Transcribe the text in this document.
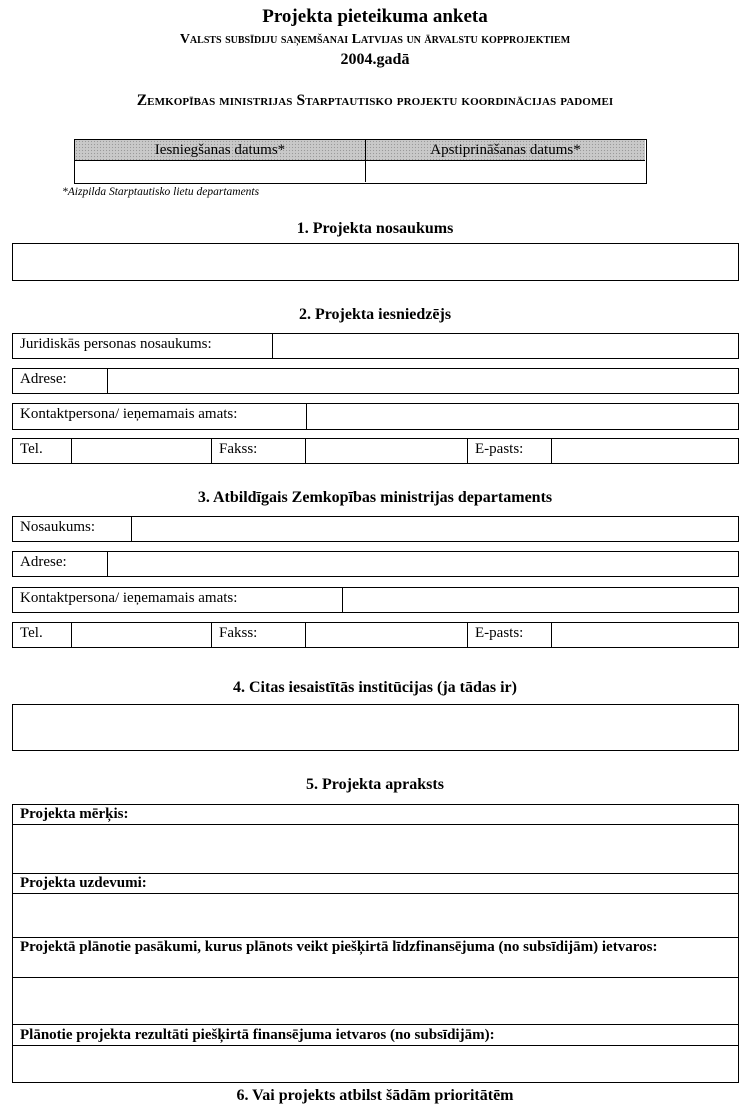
Projekta pieteikuma anketa
Valsts subsīdiju saņemšanai Latvijas un ārvalstu kopprojektiem
2004.gadā
Zemkopības ministrijas Starptautisko projektu koordinācijas padomei
Iesniegšanas datums*	Apstiprināšanas datums*
*Aizpilda Starptautisko lietu departaments
1. Projekta nosaukums
2. Projekta iesniedzējs
Juridiskās personas nosaukums:
Adrese:
Kontaktpersona/ ieņemamais amats:
Tel.	Fakss:	E-pasts:
3. Atbildīgais Zemkopības ministrijas departaments
Nosaukums:
Adrese:
Kontaktpersona/ ieņemamais amats:
Tel.	Fakss:	E-pasts:
4. Citas iesaistītās institūcijas (ja tādas ir)
5. Projekta apraksts
Projekta mērķis:
Projekta uzdevumi:
Projektā plānotie pasākumi, kurus plānots veikt piešķirtā līdzfinansējuma (no subsīdijām) ietvaros:
Plānotie projekta rezultāti piešķirtā finansējuma ietvaros (no subsīdijām):
6. Vai projekts atbilst šādām prioritātēm
